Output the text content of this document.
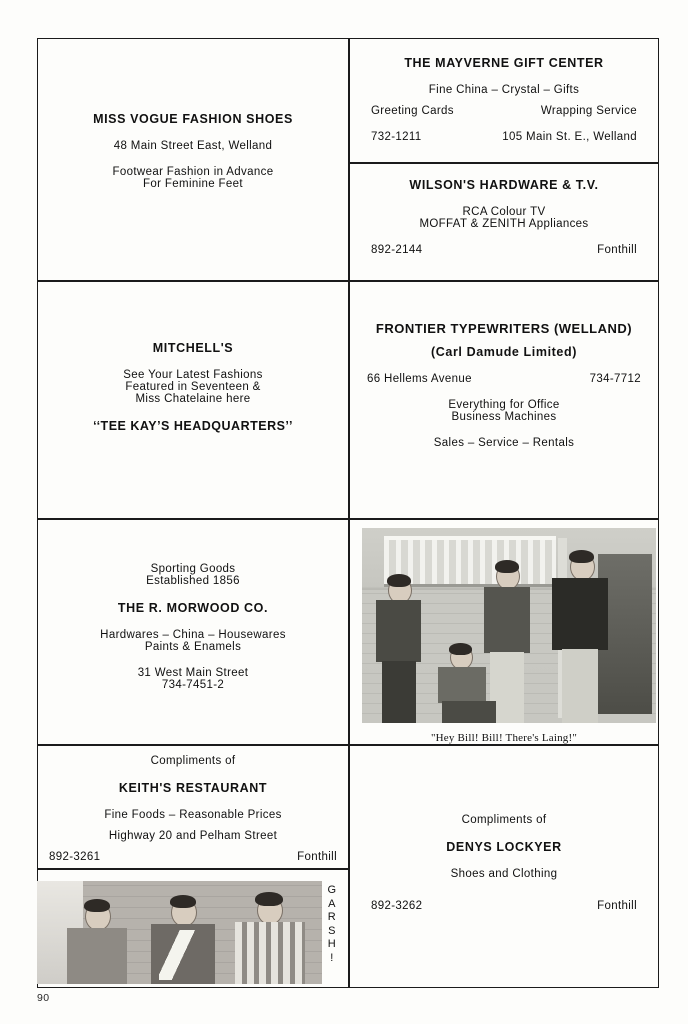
MISS VOGUE FASHION SHOES
48 Main Street East, Welland
Footwear Fashion in Advance
For Feminine Feet
THE MAYVERNE GIFT CENTER
Fine China – Crystal – Gifts
Greeting Cards	Wrapping Service
732-1211	105 Main St. E., Welland
WILSON'S HARDWARE & T.V.
RCA Colour TV
MOFFAT & ZENITH Appliances
892-2144	Fonthill
MITCHELL'S
See Your Latest Fashions
Featured in Seventeen &
Miss Chatelaine here
‘‘TEE KAY’S HEADQUARTERS’’
FRONTIER TYPEWRITERS (WELLAND)
(Carl Damude Limited)
66 Hellems Avenue	734-7712
Everything for Office
Business Machines
Sales – Service – Rentals
Sporting Goods
Established 1856
THE R. MORWOOD CO.
Hardwares – China – Housewares
Paints & Enamels
31 West Main Street
734-7451-2
Compliments of
KEITH'S RESTAURANT
Fine Foods – Reasonable Prices
Highway 20 and Pelham Street
892-3261	Fonthill
Compliments of
DENYS LOCKYER
Shoes and Clothing
892-3262	Fonthill
"Hey Bill! Bill! There's Laing!"
G
A
R
S
H
!
90
